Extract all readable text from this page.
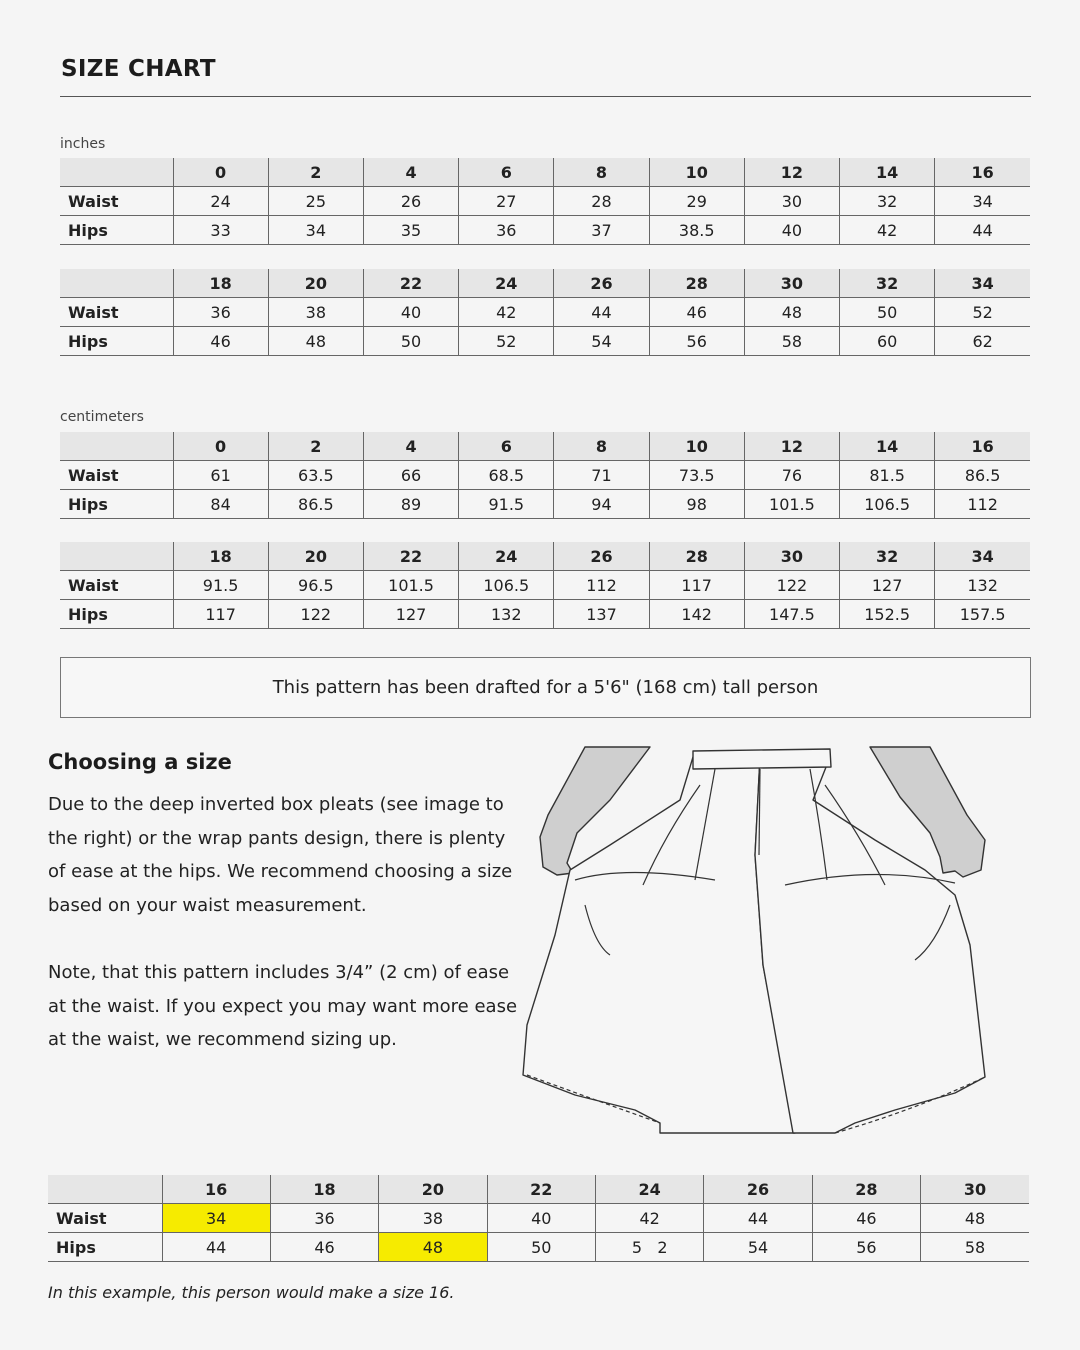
SIZE CHART
inches
	0	2	4	6	8	10	12	14	16
Waist	24	25	26	27	28	29	30	32	34
Hips	33	34	35	36	37	38.5	40	42	44
	18	20	22	24	26	28	30	32	34
Waist	36	38	40	42	44	46	48	50	52
Hips	46	48	50	52	54	56	58	60	62
centimeters
	0	2	4	6	8	10	12	14	16
Waist	61	63.5	66	68.5	71	73.5	76	81.5	86.5
Hips	84	86.5	89	91.5	94	98	101.5	106.5	112
	18	20	22	24	26	28	30	32	34
Waist	91.5	96.5	101.5	106.5	112	117	122	127	132
Hips	117	122	127	132	137	142	147.5	152.5	157.5
This pattern has been drafted for a 5'6" (168 cm) tall person
Choosing a size

Due to the deep inverted box pleats (see image to the right) or the wrap pants design, there is plenty of ease at the hips. We recommend choosing a size based on your waist measurement.

Note, that this pattern includes 3/4” (2 cm) of ease at the waist. If you expect you may want more ease at the waist, we recommend sizing up.

	16	18	20	22	24	26	28	30
Waist	34	36	38	40	42	44	46	48
Hips	44	46	48	50	5   2	54	56	58
In this example, this person would make a size 16.
